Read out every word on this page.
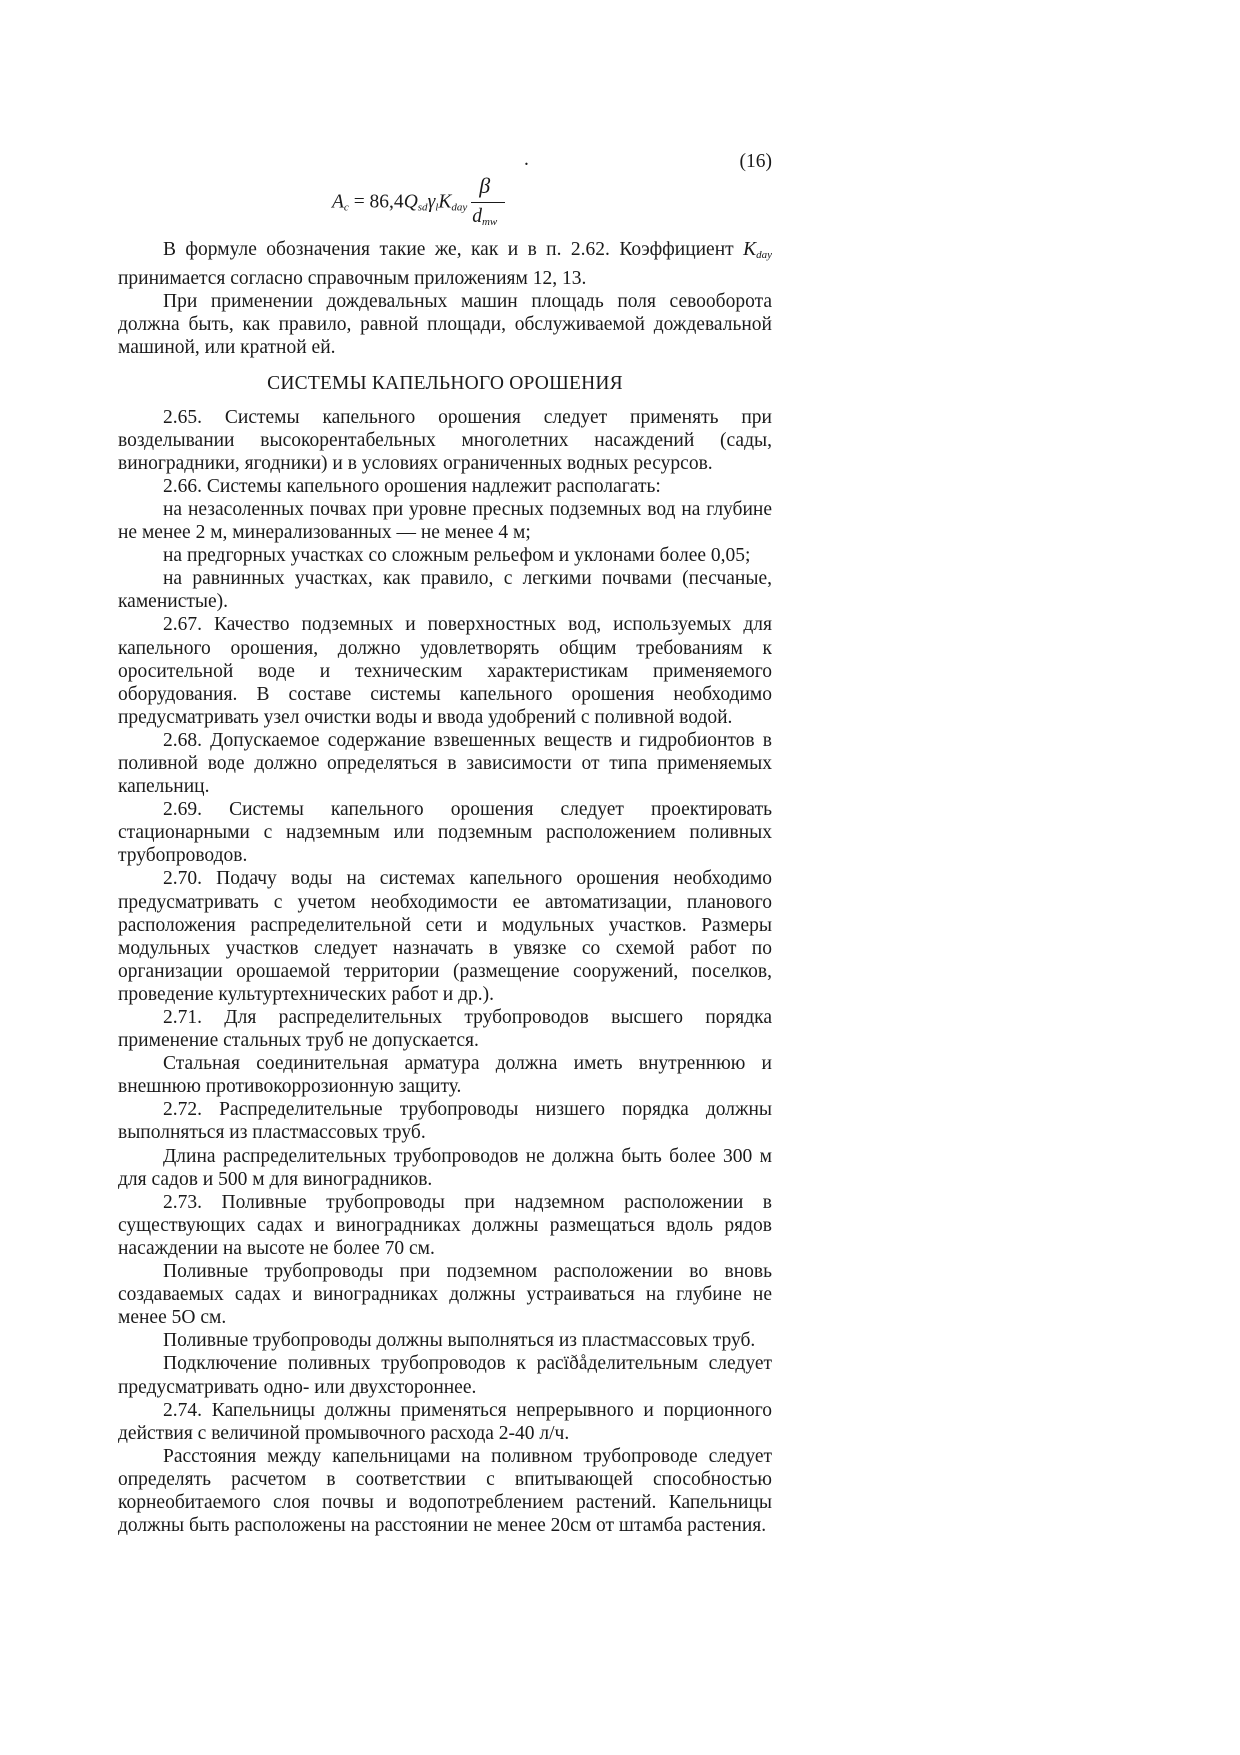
.	(16)
$A_c = 86,4Q_{sd}\gamma_lK_{day} \frac{\beta}{d_{mw}}$

В формуле обозначения такие же, как и в п. 2.62. Коэффициент $K_{day}$ принимается согласно справочным приложениям 12, 13.

При применении дождевальных машин площадь поля севооборота должна быть, как правило, равной площади, обслуживаемой дождевальной машиной, или кратной ей.

СИСТЕМЫ КАПЕЛЬНОГО ОРОШЕНИЯ

2.65. Системы капельного орошения следует применять при возделывании высокорентабельных многолетних насаждений (сады, виноградники, ягодники) и в условиях ограниченных водных ресурсов.

2.66. Системы капельного орошения надлежит располагать:

на незасоленных почвах при уровне пресных подземных вод на глубине не менее 2 м, минерализованных — не менее 4 м;

на предгорных участках со сложным рельефом и уклонами более 0,05;

на равнинных участках, как правило, с легкими почвами (песчаные, каменистые).

2.67. Качество подземных и поверхностных вод, используемых для капельного орошения, должно удовлетворять общим требованиям к оросительной воде и техническим характеристикам применяемого оборудования. В составе системы капельного орошения необходимо предусматривать узел очистки воды и ввода удобрений с поливной водой.

2.68. Допускаемое содержание взвешенных веществ и гидробионтов в поливной воде должно определяться в зависимости от типа применяемых капельниц.

2.69. Системы капельного орошения следует проектировать стационарными с надземным или подземным расположением поливных трубопроводов.

2.70. Подачу воды на системах капельного орошения необходимо предусматривать с учетом необходимости ее автоматизации, планового расположения распределительной сети и модульных участков. Размеры модульных участков следует назначать в увязке со схемой работ по организации орошаемой территории (размещение сооружений, поселков, проведение культуртехнических работ и др.).

2.71. Для распределительных трубопроводов высшего порядка применение стальных труб не допускается.

Стальная соединительная арматура должна иметь внутреннюю и внешнюю противокоррозионную защиту.

2.72. Распределительные трубопроводы низшего порядка должны выполняться из пластмассовых труб.

Длина распределительных трубопроводов не должна быть более 300 м для садов и 500 м для виноградников.

2.73. Поливные трубопроводы при надземном расположении в существующих садах и виноградниках должны размещаться вдоль рядов насаждении на высоте не более 70 см.

Поливные трубопроводы при подземном расположении во вновь создаваемых садах и виноградниках должны устраиваться на глубине не менее 5О см.

Поливные трубопроводы должны выполняться из пластмассовых труб.

Подключение поливных трубопроводов к расїðåделительным следует предусматривать одно- или двухстороннее.

2.74. Капельницы должны применяться непрерывного и порционного действия с величиной промывочного расхода 2-40 л/ч.

Расстояния между капельницами на поливном трубопроводе следует определять расчетом в соответствии с впитывающей способностью корнеобитаемого слоя почвы и водопотреблением растений. Капельницы должны быть расположены на расстоянии не менее 20см от штамба растения.
